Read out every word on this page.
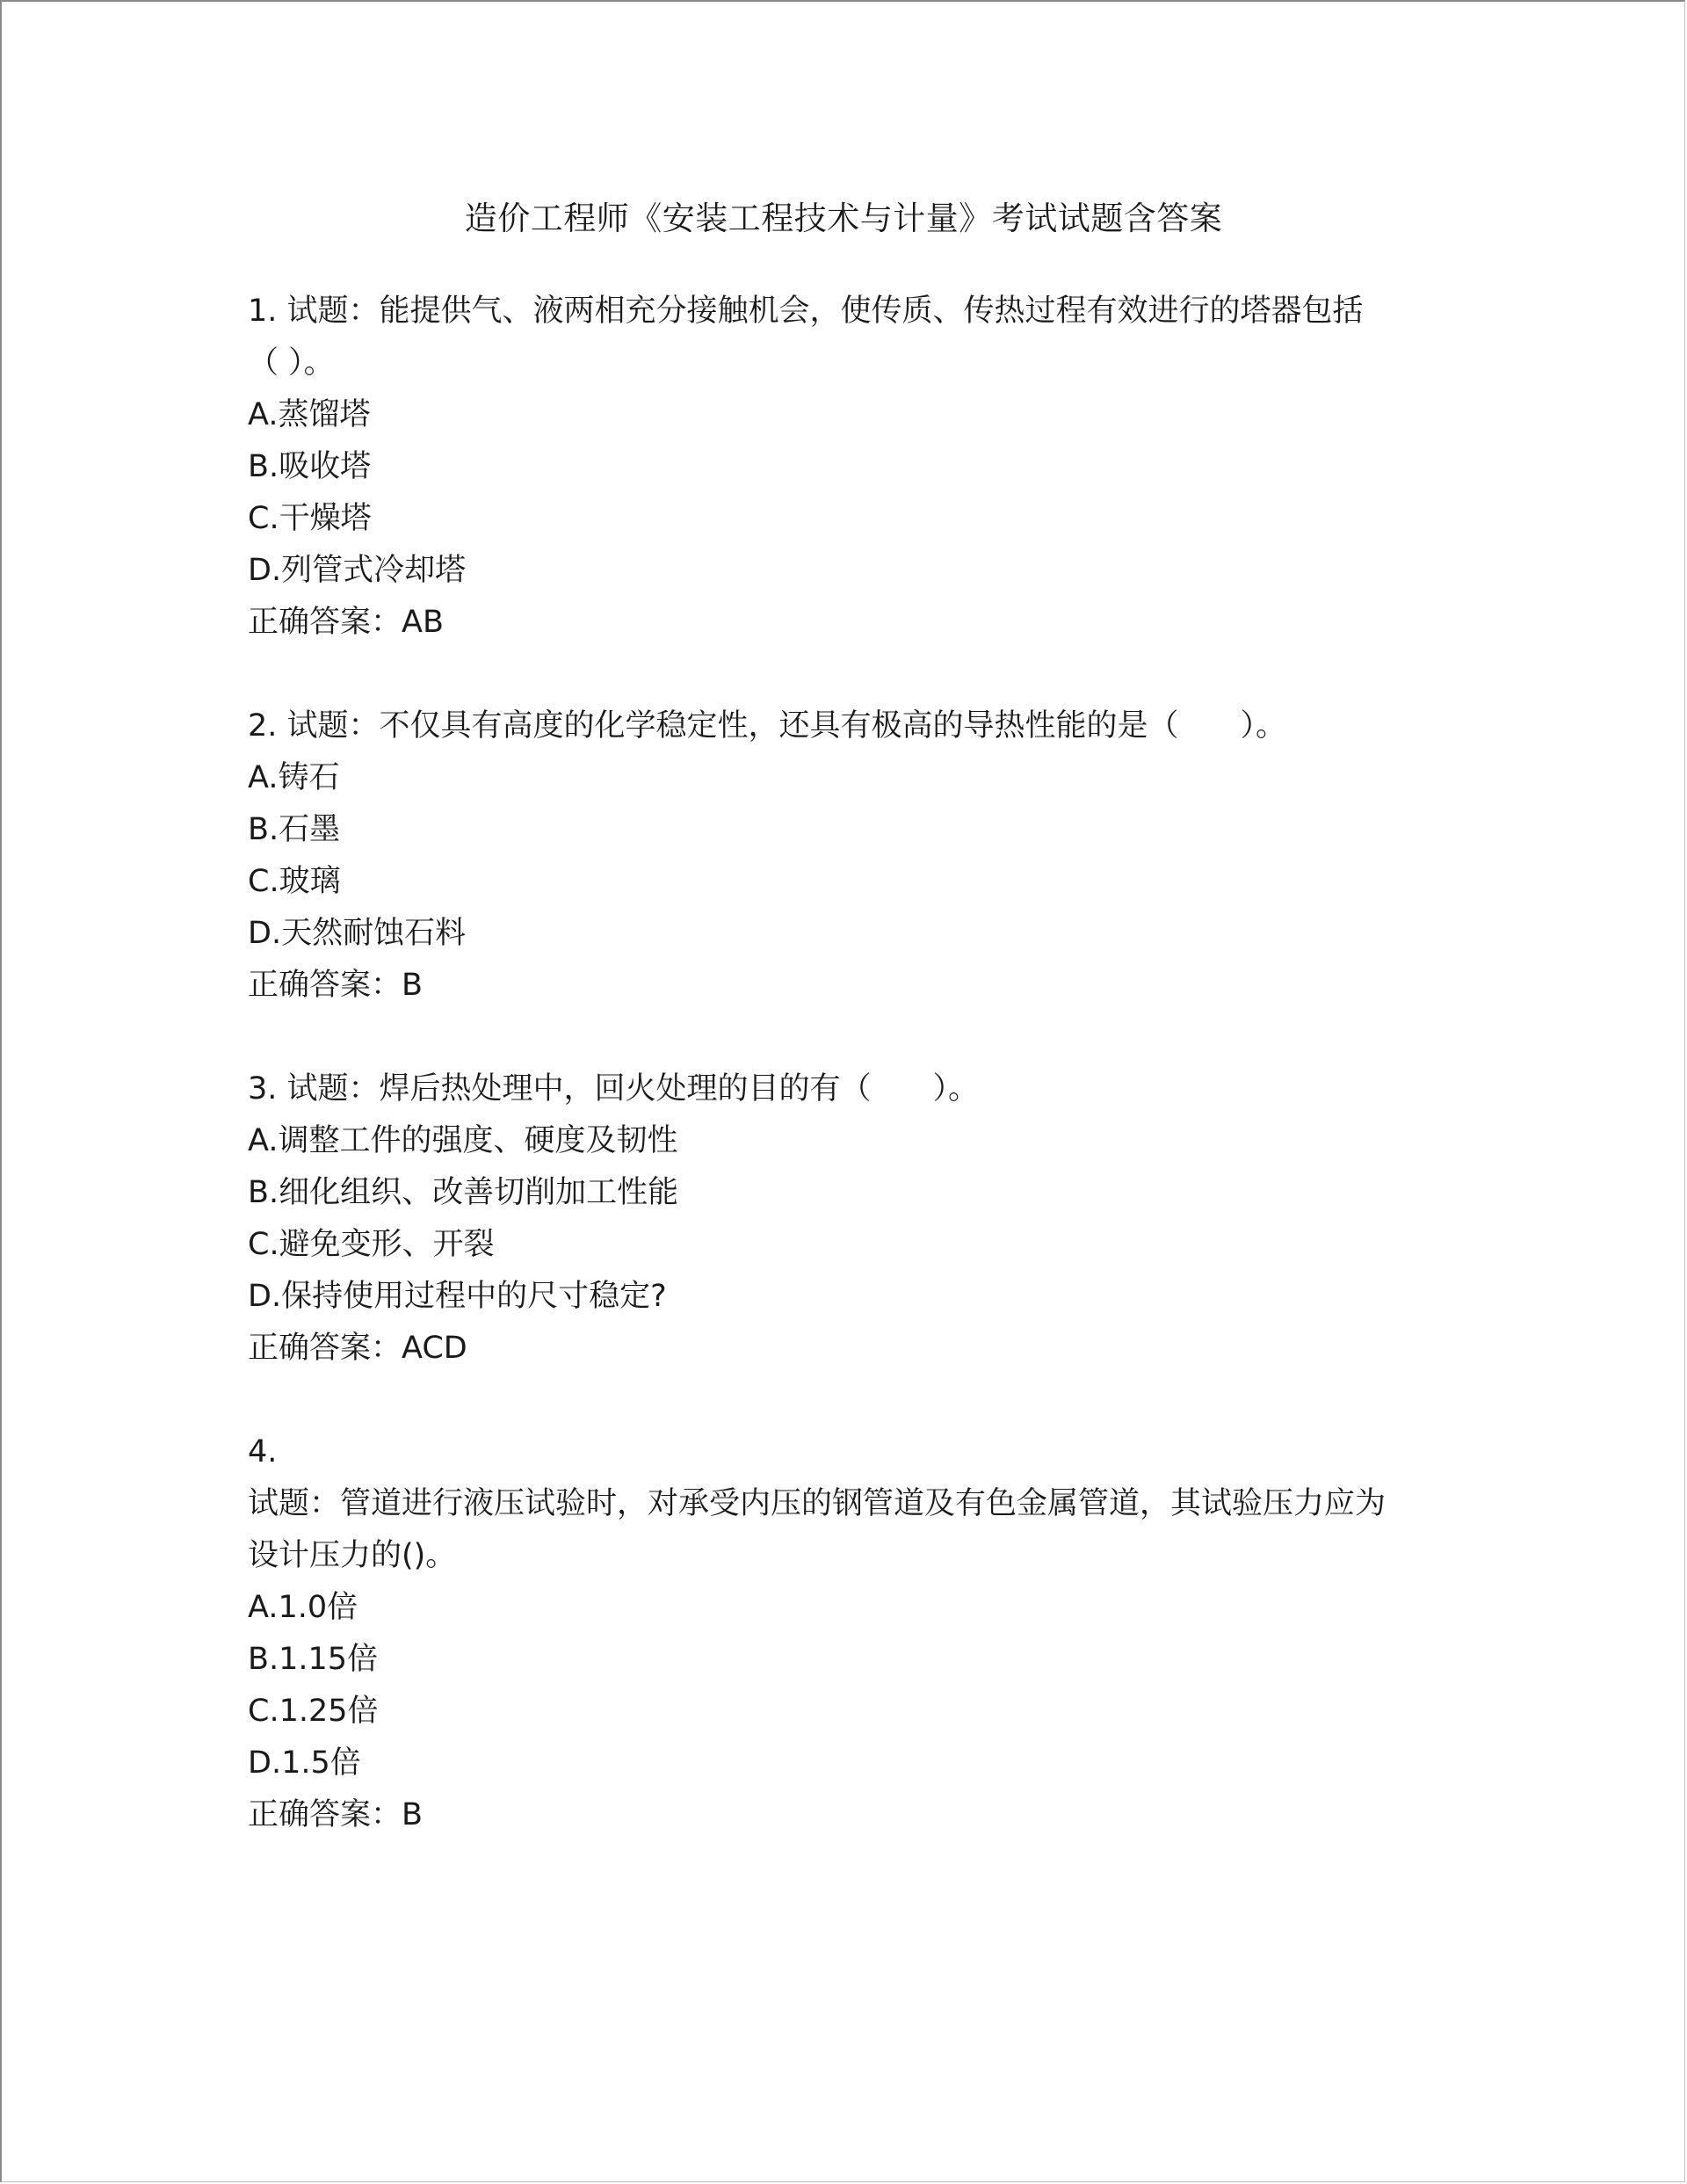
造价工程师《安装工程技术与计量》考试试题含答案
1. 试题：能提供气、液两相充分接触机会，使传质、传热过程有效进行的塔器包括（ ）。
A.蒸馏塔
B.吸收塔
C.干燥塔
D.列管式冷却塔
正确答案：AB
2. 试题：不仅具有高度的化学稳定性，还具有极高的导热性能的是（　　）。
A.铸石
B.石墨
C.玻璃
D.天然耐蚀石料
正确答案：B
3. 试题：焊后热处理中，回火处理的目的有（　　）。
A.调整工件的强度、硬度及韧性
B.细化组织、改善切削加工性能
C.避免变形、开裂
D.保持使用过程中的尺寸稳定?
正确答案：ACD
4.
试题：管道进行液压试验时，对承受内压的钢管道及有色金属管道，其试验压力应为设计压力的()。
A.1.0倍
B.1.15倍
C.1.25倍
D.1.5倍
正确答案：B
